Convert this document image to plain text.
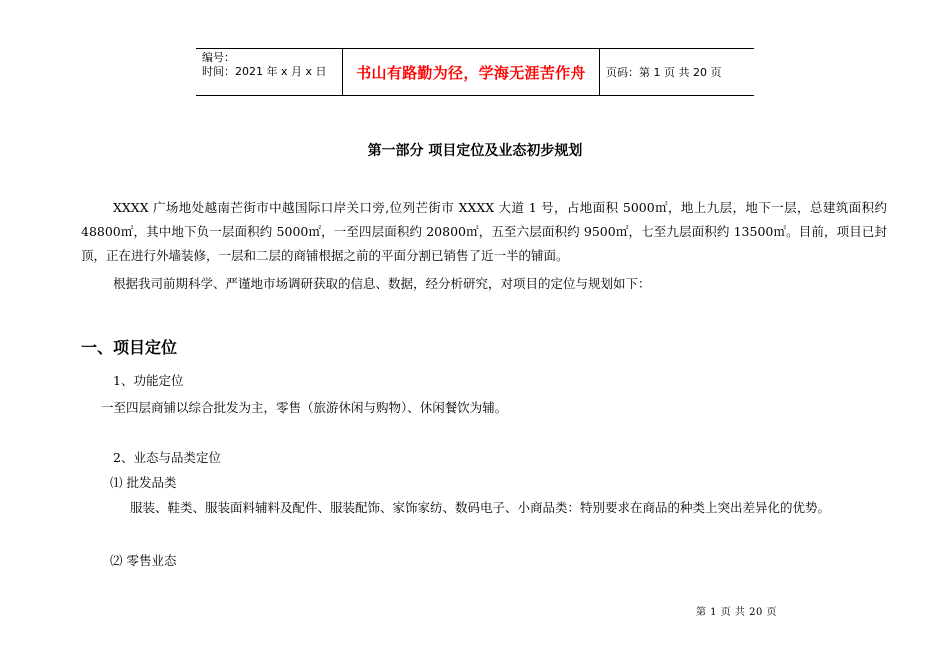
编号：
时间：2021 年 x 月 x 日	书山有路勤为径，学海无涯苦作舟	页码：第 1 页 共 20 页
第一部分 项目定位及业态初步规划
XXXX 广场地处越南芒街市中越国际口岸关口旁,位列芒街市 XXXX 大道 1 号，占地面积 5000㎡，地上九层，地下一层，总建筑面积约 48800㎡，其中地下负一层面积约 5000㎡，一至四层面积约 20800㎡，五至六层面积约 9500㎡，七至九层面积约 13500㎡。目前，项目已封顶，正在进行外墙装修，一层和二层的商铺根据之前的平面分割已销售了近一半的铺面。
根据我司前期科学、严谨地市场调研获取的信息、数据，经分析研究，对项目的定位与规划如下：
一、项目定位
1、功能定位
一至四层商铺以综合批发为主，零售（旅游休闲与购物）、休闲餐饮为辅。
2、业态与品类定位
⑴ 批发品类
服装、鞋类、服装面料辅料及配件、服装配饰、家饰家纺、数码电子、小商品类：特别要求在商品的种类上突出差异化的优势。
⑵ 零售业态
第 1 页 共 20 页
